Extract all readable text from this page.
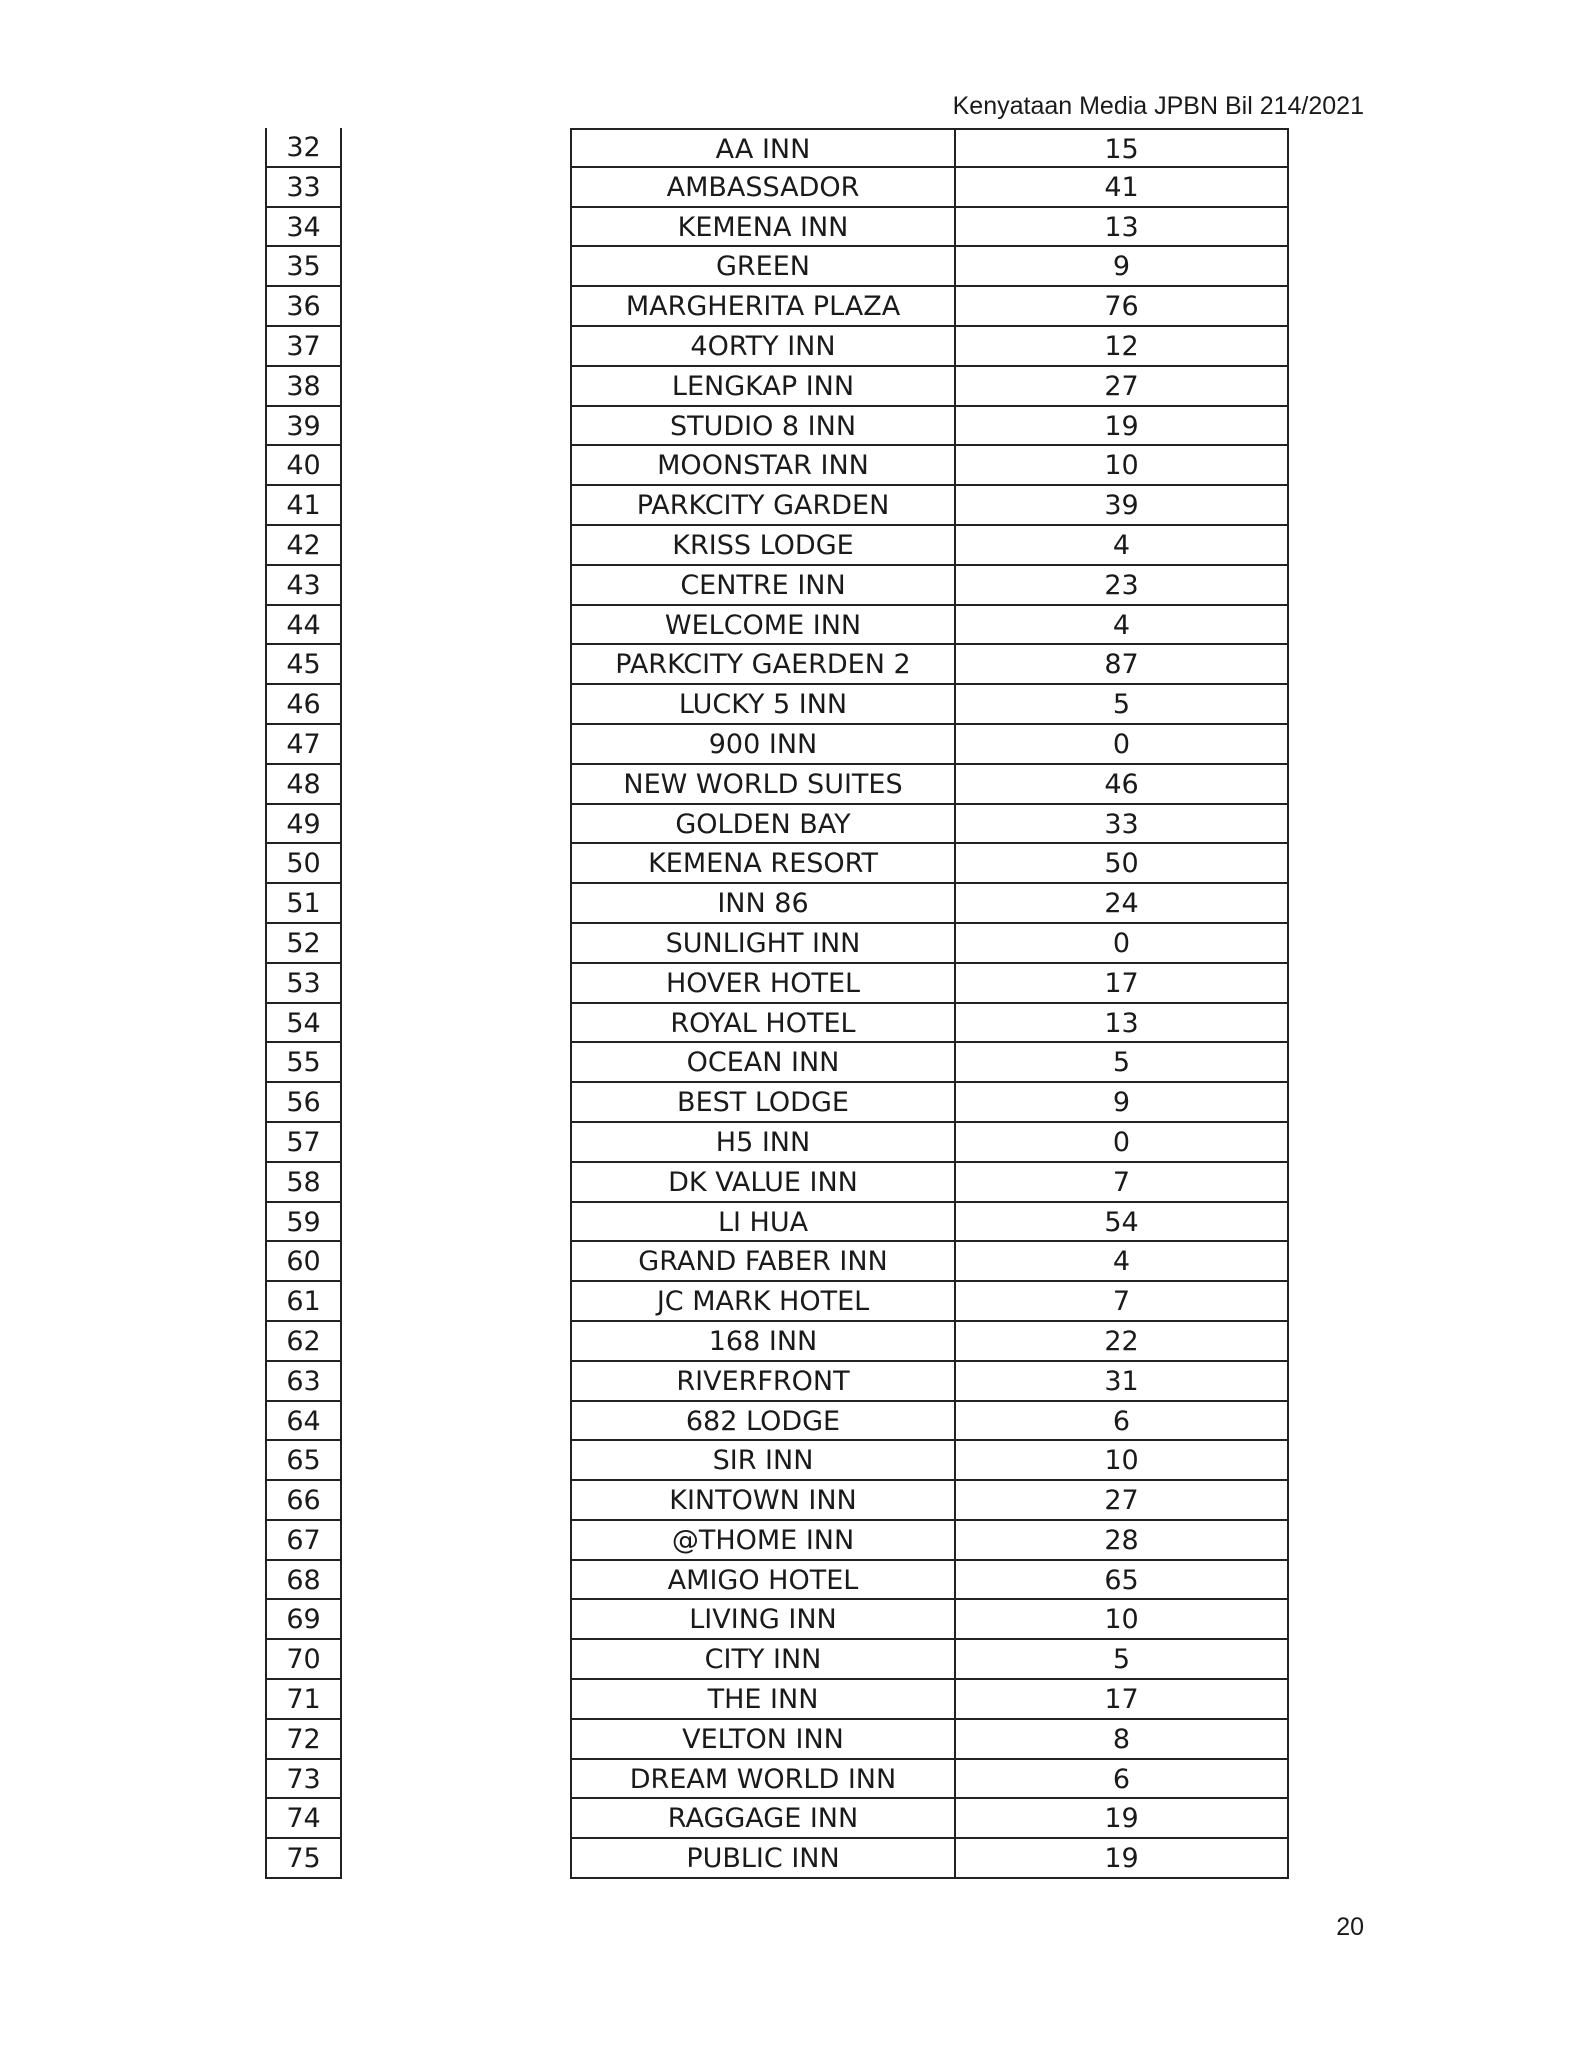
Kenyataan Media JPBN Bil 214/2021
32	AA INN	15
33	AMBASSADOR	41
34	KEMENA INN	13
35	GREEN	9
36	MARGHERITA PLAZA	76
37	4ORTY INN	12
38	LENGKAP INN	27
39	STUDIO 8 INN	19
40	MOONSTAR INN	10
41	PARKCITY GARDEN	39
42	KRISS LODGE	4
43	CENTRE INN	23
44	WELCOME INN	4
45	PARKCITY GAERDEN 2	87
46	LUCKY 5 INN	5
47	900 INN	0
48	NEW WORLD SUITES	46
49	GOLDEN BAY	33
50	KEMENA RESORT	50
51	INN 86	24
52	SUNLIGHT INN	0
53	HOVER HOTEL	17
54	ROYAL HOTEL	13
55	OCEAN INN	5
56	BEST LODGE	9
57	H5 INN	0
58	DK VALUE INN	7
59	LI HUA	54
60	GRAND FABER INN	4
61	JC MARK HOTEL	7
62	168 INN	22
63	RIVERFRONT	31
64	682 LODGE	6
65	SIR INN	10
66	KINTOWN INN	27
67	@THOME INN	28
68	AMIGO HOTEL	65
69	LIVING INN	10
70	CITY INN	5
71	THE INN	17
72	VELTON INN	8
73	DREAM WORLD INN	6
74	RAGGAGE INN	19
75	PUBLIC INN	19
20
